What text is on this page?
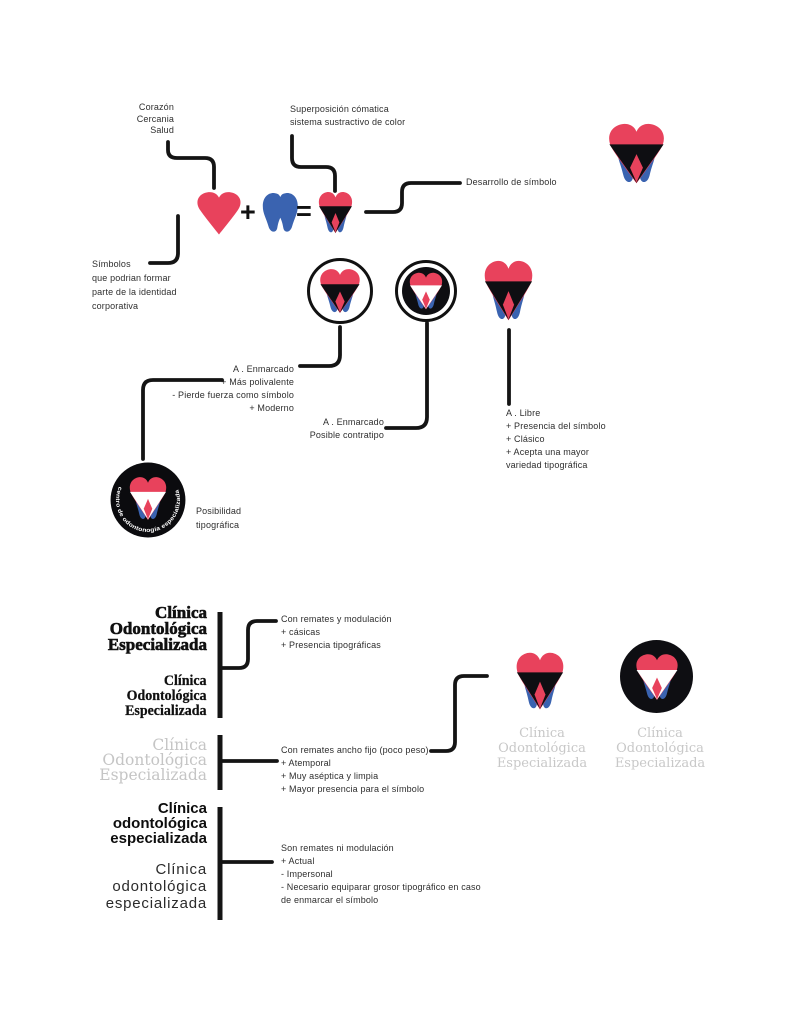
Corazón
Cercania
Salud
Superposición cómatica
sistema sustractivo de color
Desarrollo de símbolo
Símbolos
que podrian formar
parte de la identidad
corporativa
+ =
A . Enmarcado
+ Más polivalente
- Pierde fuerza como símbolo
+ Moderno
A . Enmarcado
Posible contratipo
A . Libre
+ Presencia del símbolo
+ Clásico
+ Acepta una mayor
variedad tipográfica
centro de odontonogía especializada
Posibilidad
tipográfica
Clínica
Odontológica
Especializada
Clínica
Odontológica
Especializada
Clínica
Odontológica
Especializada
Clínica
odontológica
especializada
Clínica
odontológica
especializada
Con remates y modulación
+ cásicas
+ Presencia tipográficas
Con remates ancho fijo (poco peso)
+ Atemporal
+ Muy aséptica y limpia
+ Mayor presencia para el símbolo
Son remates ni modulación
+ Actual
- Impersonal
- Necesario equiparar grosor tipográfico en caso
de enmarcar el símbolo
Clínica
Odontológica
Especializada
Clínica
Odontológica
Especializada
